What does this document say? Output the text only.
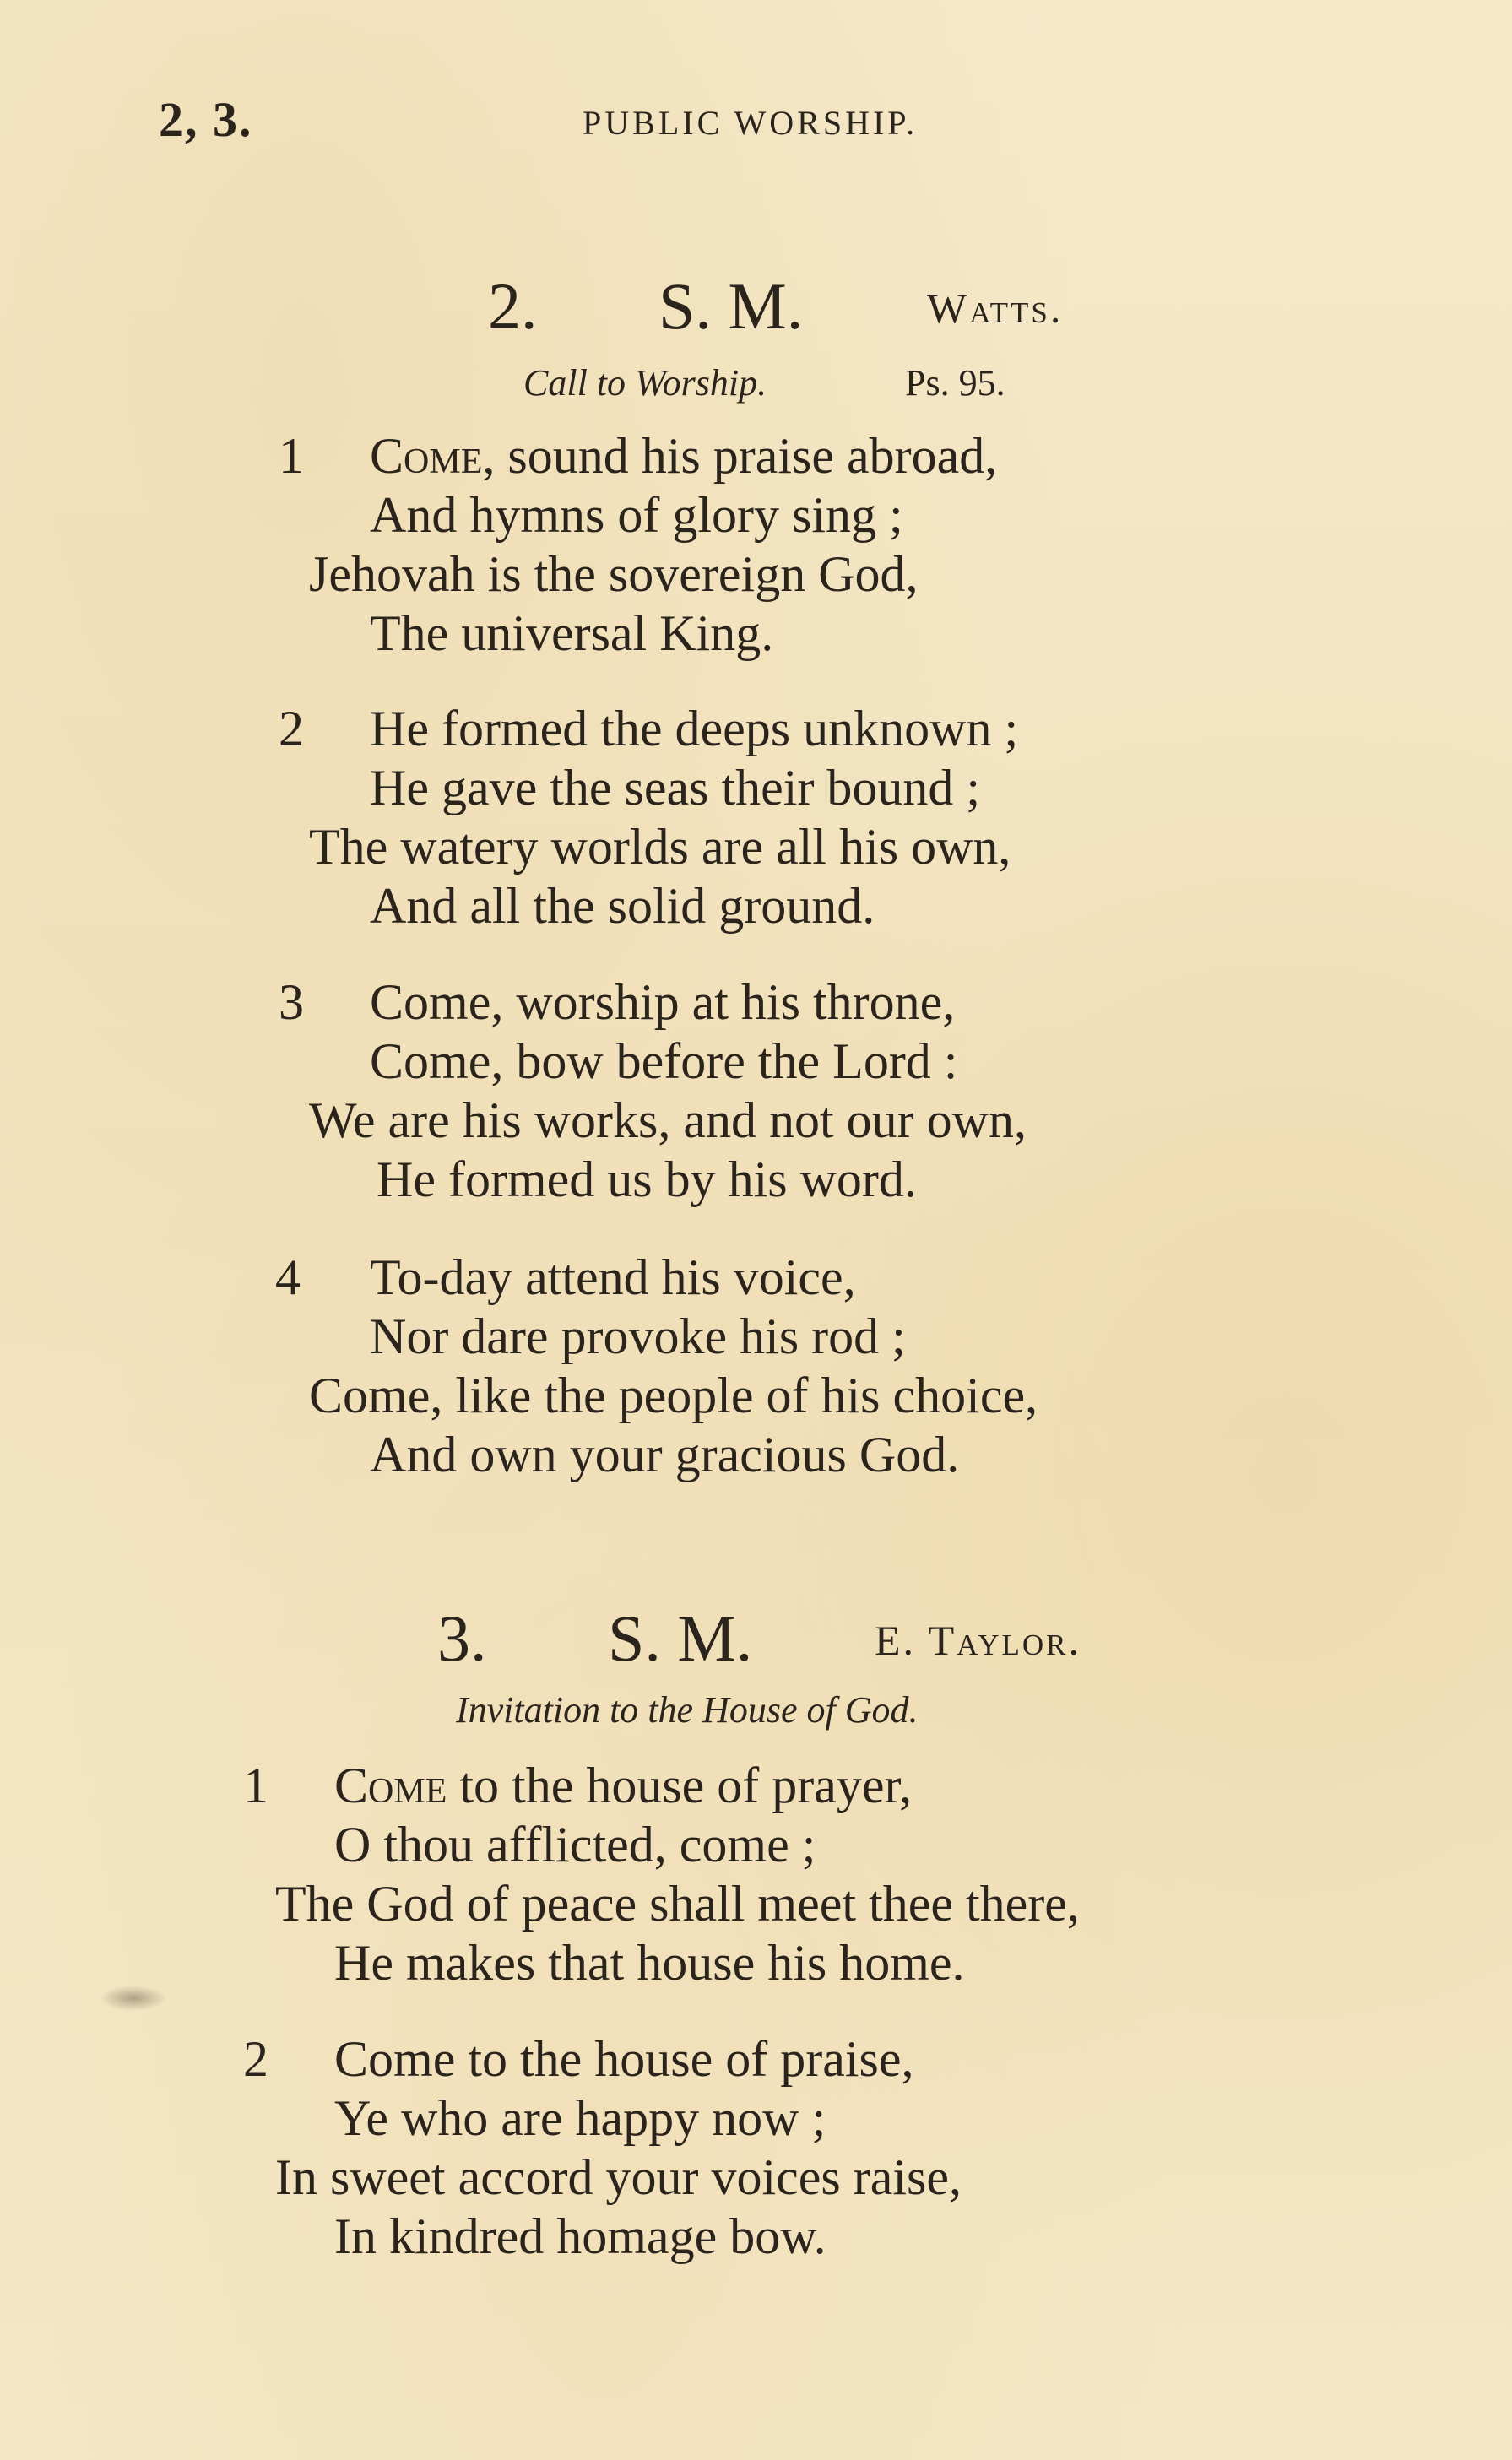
2, 3.	PUBLIC WORSHIP.
2. S. M.	Watts.
Call to Worship.	Ps. 95.
1 Come, sound his praise abroad,
And hymns of glory sing ;
Jehovah is the sovereign God,
The universal King.
2 He formed the deeps unknown ;
He gave the seas their bound ;
The watery worlds are all his own,
And all the solid ground.
3 Come, worship at his throne,
Come, bow before the Lord :
We are his works, and not our own,
He formed us by his word.
4 To-day attend his voice,
Nor dare provoke his rod ;
Come, like the people of his choice,
And own your gracious God.
3. S. M.	E. Taylor.
Invitation to the House of God.
1 Come to the house of prayer,
O thou afflicted, come ;
The God of peace shall meet thee there,
He makes that house his home.
2 Come to the house of praise,
Ye who are happy now ;
In sweet accord your voices raise,
In kindred homage bow.
